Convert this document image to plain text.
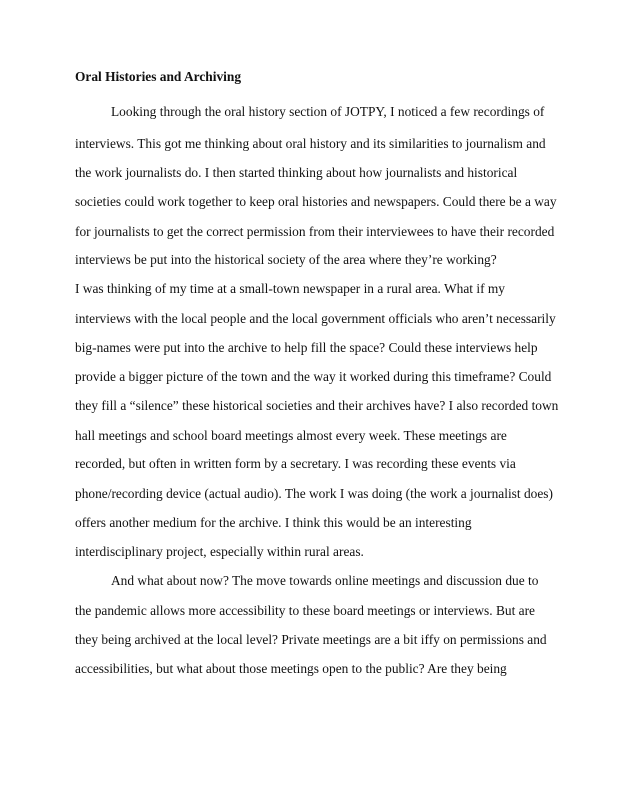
Oral Histories and Archiving
Looking through the oral history section of JOTPY, I noticed a few recordings of
interviews. This got me thinking about oral history and its similarities to journalism and
the work journalists do. I then started thinking about how journalists and historical
societies could work together to keep oral histories and newspapers. Could there be a way
for journalists to get the correct permission from their interviewees to have their recorded
interviews be put into the historical society of the area where they’re working?
I was thinking of my time at a small-town newspaper in a rural area. What if my
interviews with the local people and the local government officials who aren’t necessarily
big-names were put into the archive to help fill the space? Could these interviews help
provide a bigger picture of the town and the way it worked during this timeframe? Could
they fill a “silence” these historical societies and their archives have? I also recorded town
hall meetings and school board meetings almost every week. These meetings are
recorded, but often in written form by a secretary. I was recording these events via
phone/recording device (actual audio). The work I was doing (the work a journalist does)
offers another medium for the archive. I think this would be an interesting
interdisciplinary project, especially within rural areas.
And what about now? The move towards online meetings and discussion due to
the pandemic allows more accessibility to these board meetings or interviews. But are
they being archived at the local level? Private meetings are a bit iffy on permissions and
accessibilities, but what about those meetings open to the public? Are they being
